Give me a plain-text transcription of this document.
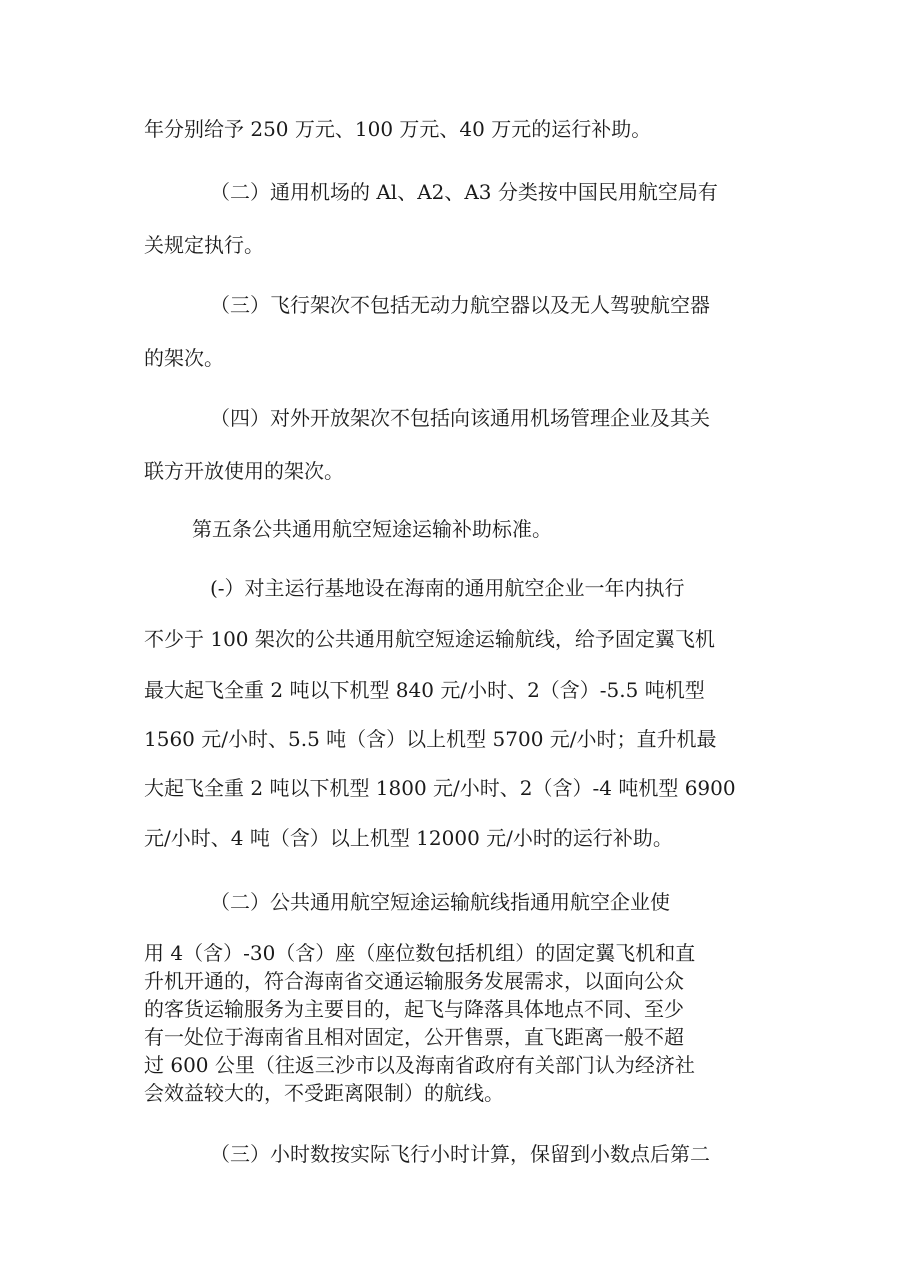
年分别给予 250 万元、100 万元、40 万元的运行补助。
（二）通用机场的 Al、A2、A3 分类按中国民用航空局有
关规定执行。
（三）飞行架次不包括无动力航空器以及无人驾驶航空器
的架次。
（四）对外开放架次不包括向该通用机场管理企业及其关
联方开放使用的架次。
第五条公共通用航空短途运输补助标准。
(-）对主运行基地设在海南的通用航空企业一年内执行
不少于 100 架次的公共通用航空短途运输航线，给予固定翼飞机
最大起飞全重 2 吨以下机型 840 元/小时、2（含）-5.5 吨机型
1560 元/小时、5.5 吨（含）以上机型 5700 元/小时；直升机最
大起飞全重 2 吨以下机型 1800 元/小时、2（含）-4 吨机型 6900
元/小时、4 吨（含）以上机型 12000 元/小时的运行补助。
（二）公共通用航空短途运输航线指通用航空企业使
用 4（含）-30（含）座（座位数包括机组）的固定翼飞机和直
升机开通的，符合海南省交通运输服务发展需求，以面向公众
的客货运输服务为主要目的，起飞与降落具体地点不同、至少
有一处位于海南省且相对固定，公开售票，直飞距离一般不超
过 600 公里（往返三沙市以及海南省政府有关部门认为经济社
会效益较大的，不受距离限制）的航线。
（三）小时数按实际飞行小时计算，保留到小数点后第二
